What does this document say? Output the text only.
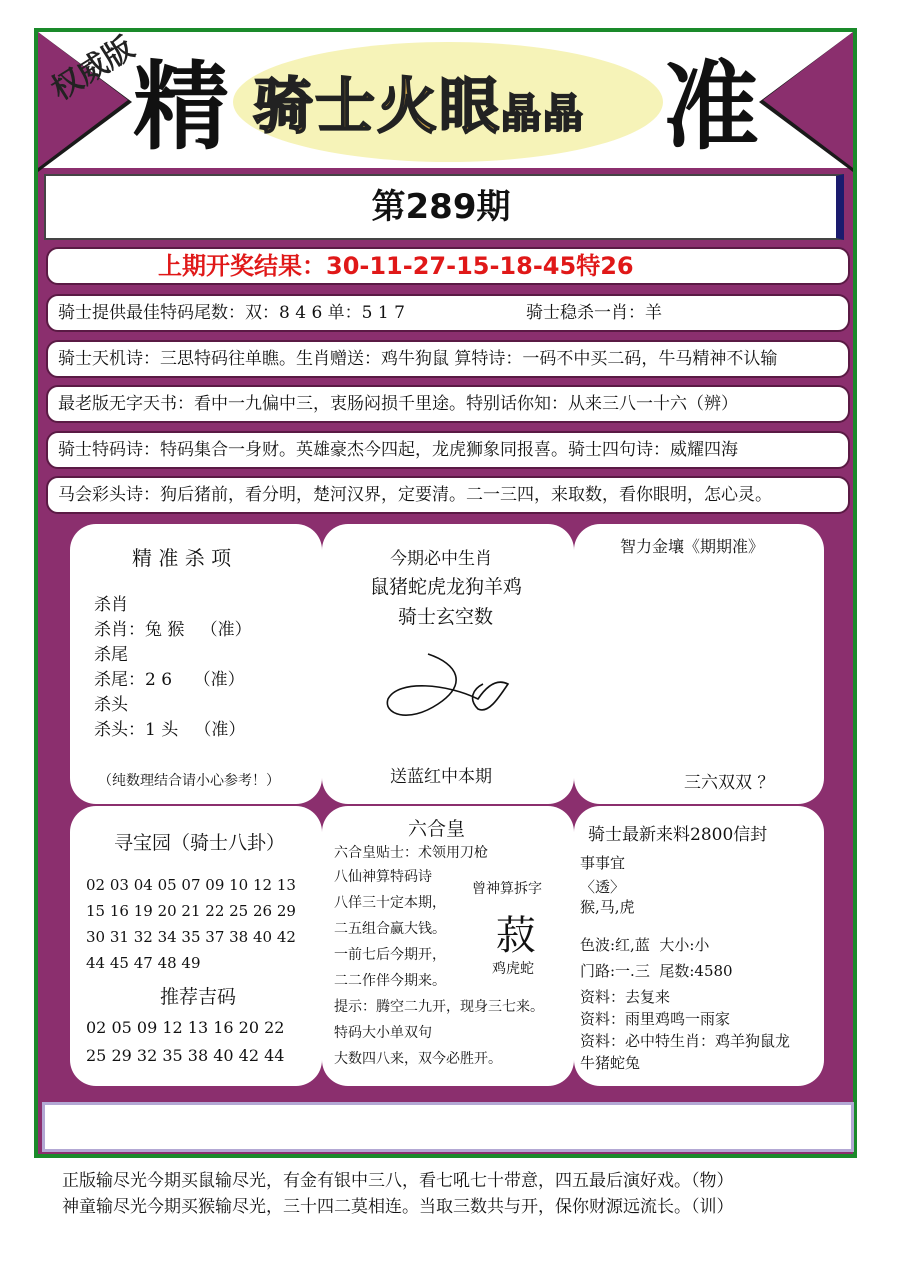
权威版
精 骑士火眼晶晶 准
第289期
上期开奖结果：30-11-27-15-18-45特26
骑士提供最佳特码尾数：双：8 4 6 单：5 1 7	骑士稳杀一肖：羊
骑士天机诗：三思特码往单瞧。生肖赠送：鸡牛狗鼠 算特诗：一码不中买二码，牛马精神不认输
最老版无字天书：看中一九偏中三，衷肠闷损千里途。特别话你知：从来三八一十六（辨）
骑士特码诗：特码集合一身财。英雄豪杰今四起，龙虎狮象同报喜。骑士四句诗：威耀四海
马会彩头诗：狗后猪前，看分明，楚河汉界，定要清。二一三四，来取数，看你眼明，怎心灵。
精 准 杀 项
杀肖
杀肖：兔 猴   （准）
杀尾
杀尾：2 6    （准）
杀头
杀头：1 头   （准）
（纯数理结合请小心参考！）
今期必中生肖
鼠猪蛇虎龙狗羊鸡
骑士玄空数
送蓝红中本期
智力金壤《期期准》
三六双双 ？
寻宝园（骑士八卦）
02 03 04 05 07 09 10 12 13
15 16 19 20 21 22 25 26 29
30 31 32 34 35 37 38 40 42
44 45 47 48 49
推荐吉码
02 05 09 12 13 16 20 22
25 29 32 35 38 40 42 44
六合皇
六合皇贴士：术领用刀枪
八仙神算特码诗
八佯三十定本期，
二五组合赢大钱。
一前七后今期开，
二二作伴今期来。
提示：腾空二九开，现身三七来。
特码大小单双句
大数四八来，双今必胜开。
曾神算拆字
菽
鸡虎蛇
骑士最新来料2800信封
事事宜
〈透〉
猴,马,虎
色波:红,蓝  大小:小
门路:一.三  尾数:4580
资料：去复来
资料：雨里鸡鸣一雨家
资料：必中特生肖：鸡羊狗鼠龙
牛猪蛇兔
正版输尽光今期买鼠输尽光，有金有银中三八，看七吼七十带意，四五最后演好戏。（物）
神童输尽光今期买猴输尽光，三十四二莫相连。当取三数共与开，保你财源远流长。（训）
